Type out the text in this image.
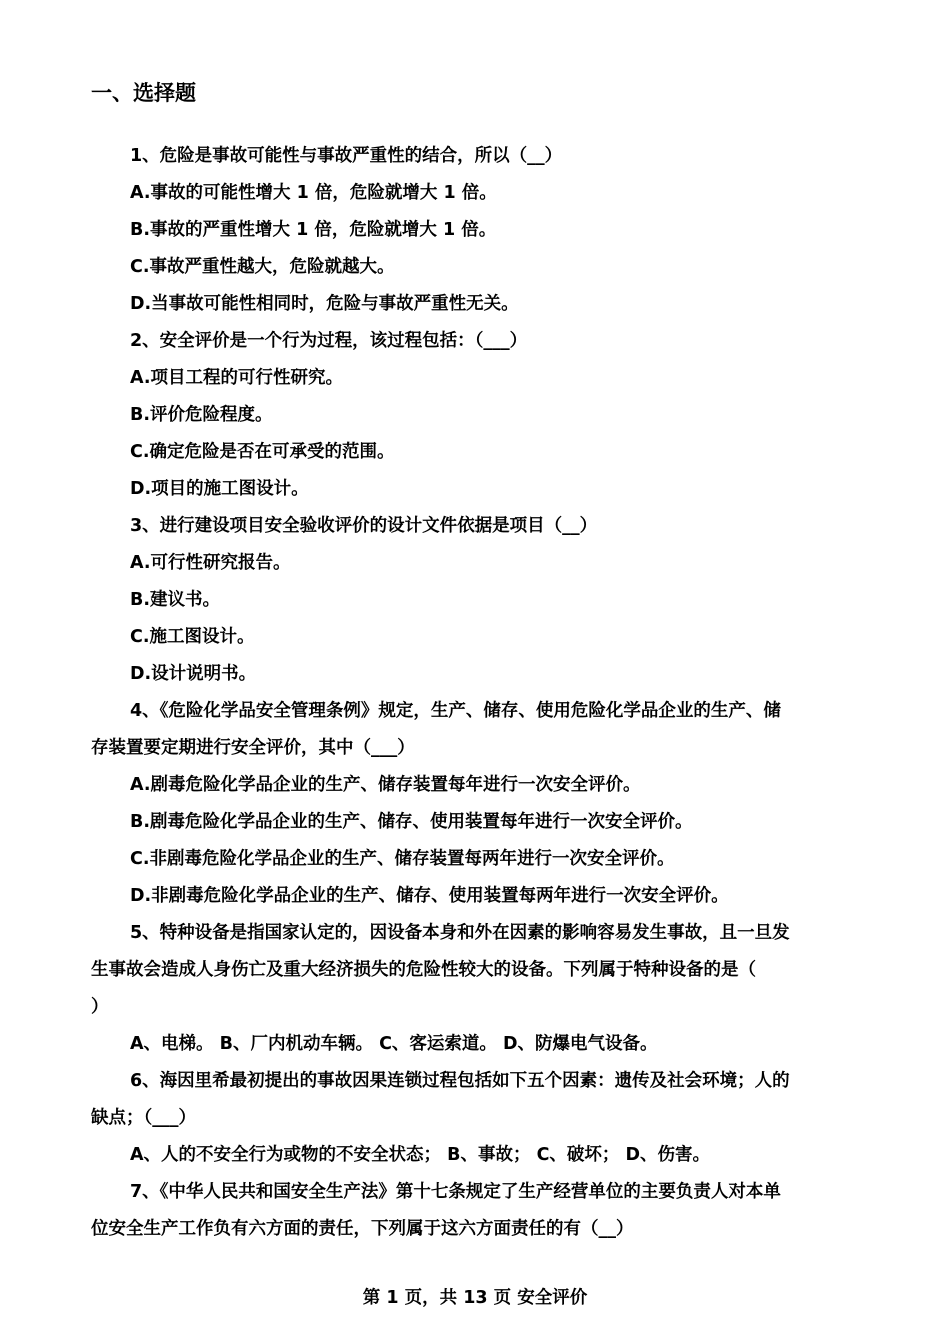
一、选择题
1、危险是事故可能性与事故严重性的结合，所以（__）
A.事故的可能性增大 1 倍，危险就增大 1 倍。
B.事故的严重性增大 1 倍，危险就增大 1 倍。
C.事故严重性越大，危险就越大。
D.当事故可能性相同时，危险与事故严重性无关。
2、安全评价是一个行为过程，该过程包括：（___）
A.项目工程的可行性研究。
B.评价危险程度。
C.确定危险是否在可承受的范围。
D.项目的施工图设计。
3、进行建设项目安全验收评价的设计文件依据是项目（__）
A.可行性研究报告。
B.建议书。
C.施工图设计。
D.设计说明书。
4、《危险化学品安全管理条例》规定，生产、储存、使用危险化学品企业的生产、储
存装置要定期进行安全评价，其中（___）
A.剧毒危险化学品企业的生产、储存装置每年进行一次安全评价。
B.剧毒危险化学品企业的生产、储存、使用装置每年进行一次安全评价。
C.非剧毒危险化学品企业的生产、储存装置每两年进行一次安全评价。
D.非剧毒危险化学品企业的生产、储存、使用装置每两年进行一次安全评价。
5、特种设备是指国家认定的，因设备本身和外在因素的影响容易发生事故，且一旦发
生事故会造成人身伤亡及重大经济损失的危险性较大的设备。下列属于特种设备的是（
）
A、电梯。 B、厂内机动车辆。 C、客运索道。 D、防爆电气设备。
6、海因里希最初提出的事故因果连锁过程包括如下五个因素：遗传及社会环境；人的
缺点；（___）
A、人的不安全行为或物的不安全状态； B、事故； C、破坏； D、伤害。
7、《中华人民共和国安全生产法》第十七条规定了生产经营单位的主要负责人对本单
位安全生产工作负有六方面的责任，下列属于这六方面责任的有（__）
第 1 页，共 13 页 安全评价
